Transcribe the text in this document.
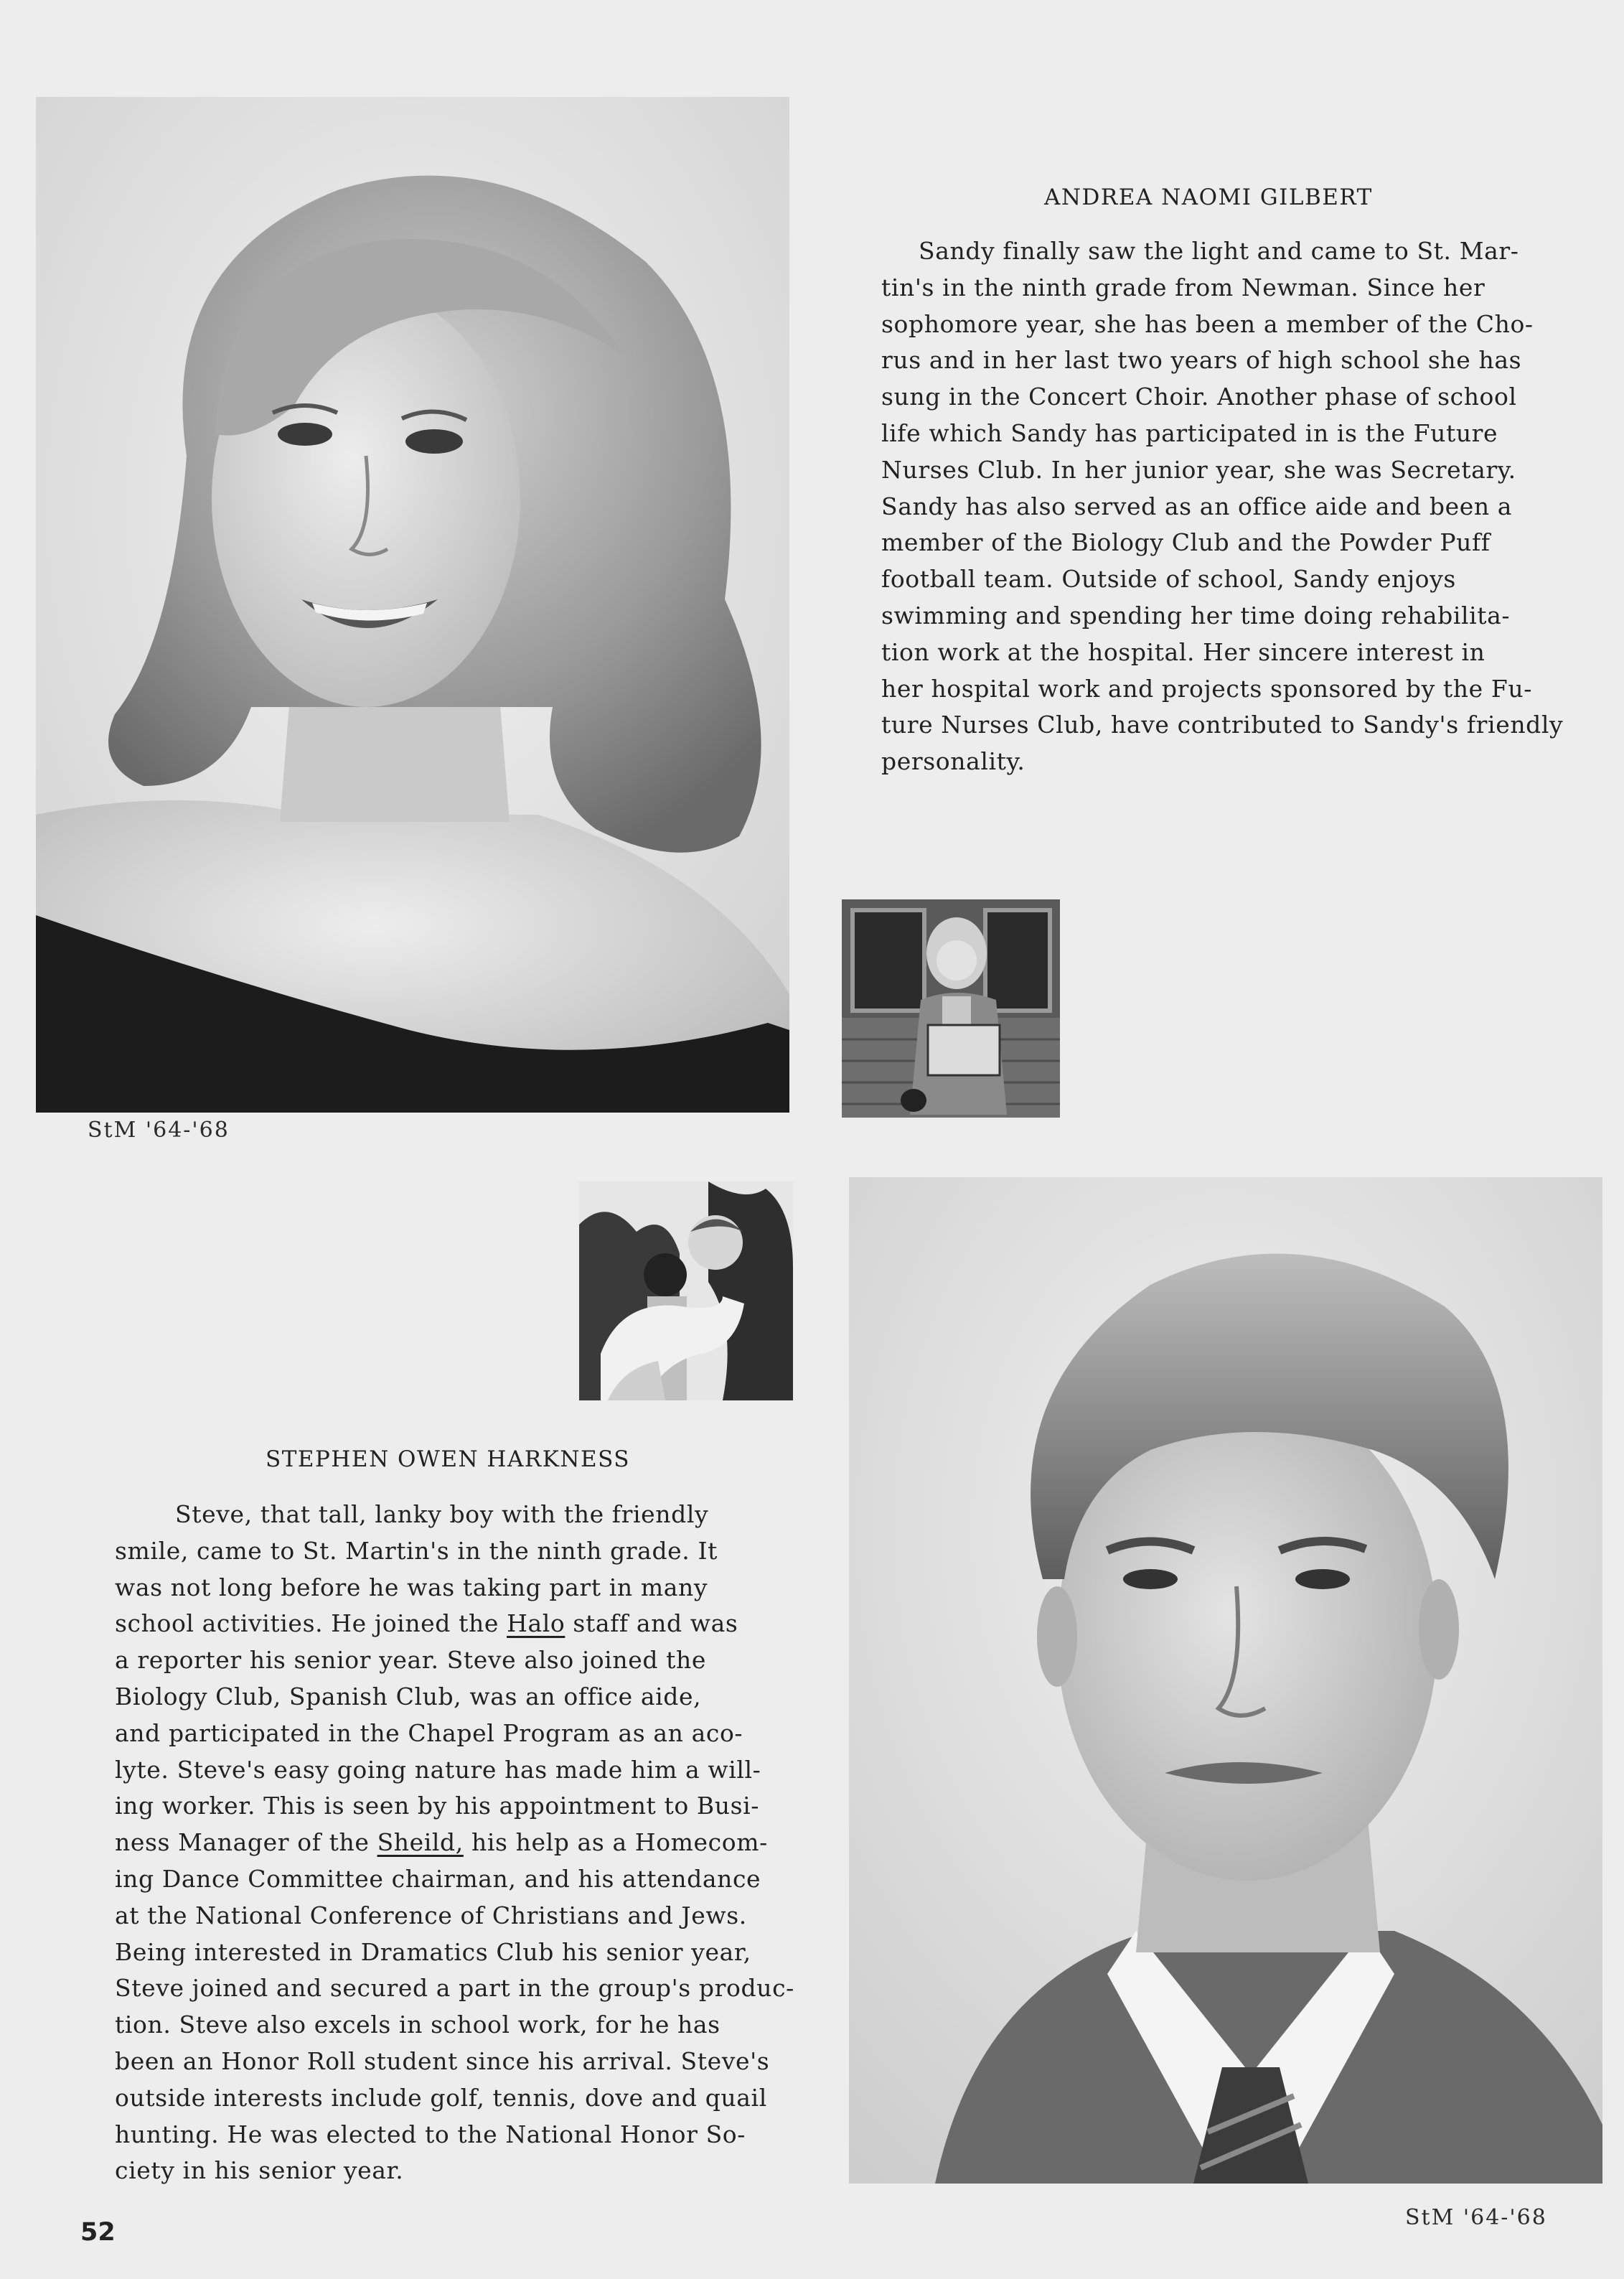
StM '64-'68
ANDREA NAOMI GILBERT
Sandy finally saw the light and came to St. Mar-
tin's in the ninth grade from Newman. Since her
sophomore year, she has been a member of the Cho-
rus and in her last two years of high school she has
sung in the Concert Choir. Another phase of school
life which Sandy has participated in is the Future
Nurses Club. In her junior year, she was Secretary.
Sandy has also served as an office aide and been a
member of the Biology Club and the Powder Puff
football team. Outside of school, Sandy enjoys
swimming and spending her time doing rehabilita-
tion work at the hospital. Her sincere interest in
her hospital work and projects sponsored by the Fu-
ture Nurses Club, have contributed to Sandy's friendly
personality.
STEPHEN OWEN HARKNESS
Steve, that tall, lanky boy with the friendly
smile, came to St. Martin's in the ninth grade. It
was not long before he was taking part in many
school activities. He joined the Halo staff and was
a reporter his senior year. Steve also joined the
Biology Club, Spanish Club, was an office aide,
and participated in the Chapel Program as an aco-
lyte. Steve's easy going nature has made him a will-
ing worker. This is seen by his appointment to Busi-
ness Manager of the Sheild, his help as a Homecom-
ing Dance Committee chairman, and his attendance
at the National Conference of Christians and Jews.
Being interested in Dramatics Club his senior year,
Steve joined and secured a part in the group's produc-
tion. Steve also excels in school work, for he has
been an Honor Roll student since his arrival. Steve's
outside interests include golf, tennis, dove and quail
hunting. He was elected to the National Honor So-
ciety in his senior year.
StM '64-'68
52
